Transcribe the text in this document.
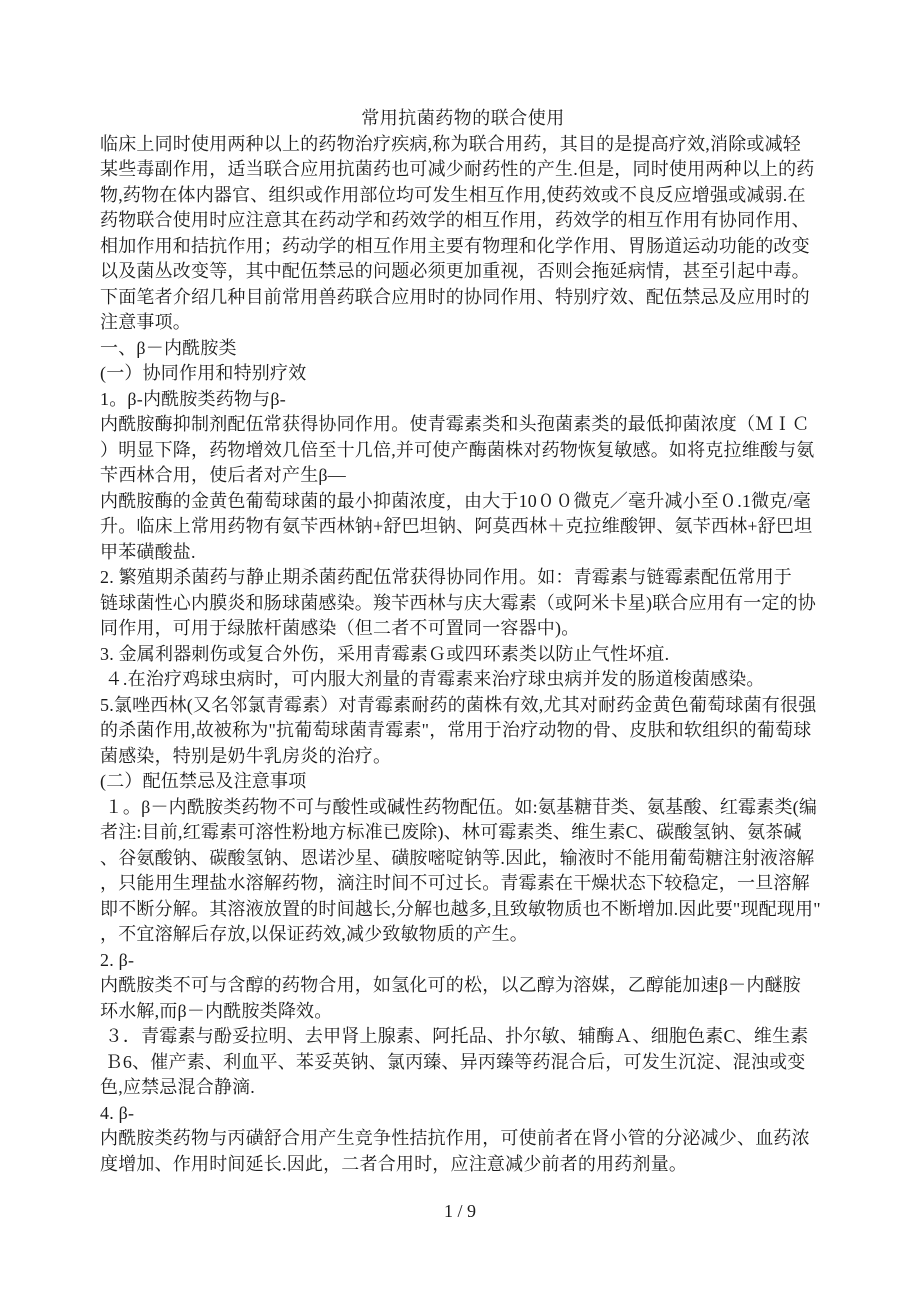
常用抗菌药物的联合使用
临床上同时使用两种以上的药物治疗疾病,称为联合用药，其目的是提高疗效,消除或减轻
某些毒副作用，适当联合应用抗菌药也可减少耐药性的产生.但是，同时使用两种以上的药
物,药物在体内器官、组织或作用部位均可发生相互作用,使药效或不良反应增强或减弱.在
药物联合使用时应注意其在药动学和药效学的相互作用，药效学的相互作用有协同作用、
相加作用和拮抗作用；药动学的相互作用主要有物理和化学作用、胃肠道运动功能的改变
以及菌丛改变等，其中配伍禁忌的问题必须更加重视，否则会拖延病情，甚至引起中毒。
下面笔者介绍几种目前常用兽药联合应用时的协同作用、特别疗效、配伍禁忌及应用时的
注意事项。
一、β－内酰胺类
(一）协同作用和特别疗效
1。β-内酰胺类药物与β-
内酰胺酶抑制剂配伍常获得协同作用。使青霉素类和头孢菌素类的最低抑菌浓度（ＭＩＣ
）明显下降，药物增效几倍至十几倍,并可使产酶菌株对药物恢复敏感。如将克拉维酸与氨
苄西林合用，使后者对产生β—
内酰胺酶的金黄色葡萄球菌的最小抑菌浓度，由大于10００微克／毫升减小至０.1微克/毫
升。临床上常用药物有氨苄西林钠+舒巴坦钠、阿莫西林＋克拉维酸钾、氨苄西林+舒巴坦
甲苯磺酸盐.
2. 繁殖期杀菌药与静止期杀菌药配伍常获得协同作用。如：青霉素与链霉素配伍常用于
链球菌性心内膜炎和肠球菌感染。羧苄西林与庆大霉素（或阿米卡星)联合应用有一定的协
同作用，可用于绿脓杆菌感染（但二者不可置同一容器中)。
3. 金属利器刺伤或复合外伤，采用青霉素Ｇ或四环素类以防止气性坏疽.
４.在治疗鸡球虫病时，可内服大剂量的青霉素来治疗球虫病并发的肠道梭菌感染。
5.氯唑西林(又名邻氯青霉素）对青霉素耐药的菌株有效,尤其对耐药金黄色葡萄球菌有很强
的杀菌作用,故被称为"抗葡萄球菌青霉素"，常用于治疗动物的骨、皮肤和软组织的葡萄球
菌感染，特别是奶牛乳房炎的治疗。
(二）配伍禁忌及注意事项
１。β－内酰胺类药物不可与酸性或碱性药物配伍。如:氨基糖苷类、氨基酸、红霉素类(编
者注:目前,红霉素可溶性粉地方标准已废除)、林可霉素类、维生素C、碳酸氢钠、氨茶碱
、谷氨酸钠、碳酸氢钠、恩诺沙星、磺胺嘧啶钠等.因此，输液时不能用葡萄糖注射液溶解
，只能用生理盐水溶解药物，滴注时间不可过长。青霉素在干燥状态下较稳定，一旦溶解
即不断分解。其溶液放置的时间越长,分解也越多,且致敏物质也不断增加.因此要"现配现用"
，不宜溶解后存放,以保证药效,减少致敏物质的产生。
2. β-
内酰胺类不可与含醇的药物合用，如氢化可的松，以乙醇为溶媒，乙醇能加速β－内醚胺
环水解,而β－内酰胺类降效。
３．青霉素与酚妥拉明、去甲肾上腺素、阿托品、扑尔敏、辅酶Ａ、细胞色素C、维生素
Ｂ6、催产素、利血平、苯妥英钠、氯丙臻、异丙臻等药混合后，可发生沉淀、混浊或变
色,应禁忌混合静滴.
4. β-
内酰胺类药物与丙磺舒合用产生竞争性拮抗作用，可使前者在肾小管的分泌减少、血药浓
度增加、作用时间延长.因此，二者合用时，应注意减少前者的用药剂量。
1 / 9
